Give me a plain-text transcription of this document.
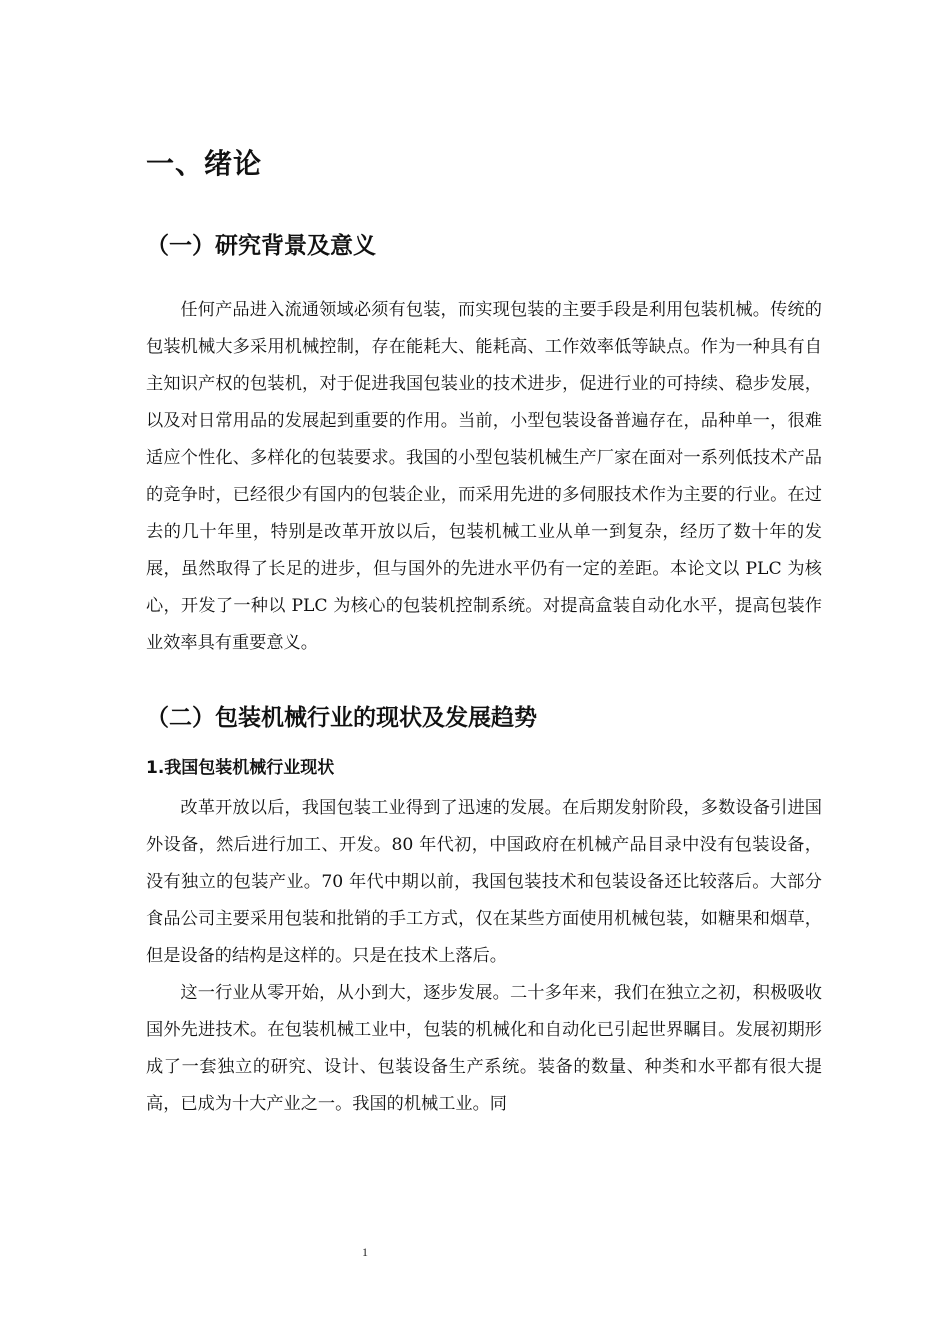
一、绪论
（一）研究背景及意义

任何产品进入流通领域必须有包装，而实现包装的主要手段是利用包装机械。传统的包装机械大多采用机械控制，存在能耗大、能耗高、工作效率低等缺点。作为一种具有自主知识产权的包装机，对于促进我国包装业的技术进步，促进行业的可持续、稳步发展，以及对日常用品的发展起到重要的作用。当前，小型包装设备普遍存在，品种单一，很难适应个性化、多样化的包装要求。我国的小型包装机械生产厂家在面对一系列低技术产品的竞争时，已经很少有国内的包装企业，而采用先进的多伺服技术作为主要的行业。在过去的几十年里，特别是改革开放以后，包装机械工业从单一到复杂，经历了数十年的发展，虽然取得了长足的进步，但与国外的先进水平仍有一定的差距。本论文以 PLC 为核心，开发了一种以 PLC 为核心的包装机控制系统。对提高盒装自动化水平，提高包装作业效率具有重要意义。

（二）包装机械行业的现状及发展趋势
1.我国包装机械行业现状

改革开放以后，我国包装工业得到了迅速的发展。在后期发射阶段，多数设备引进国外设备，然后进行加工、开发。80 年代初，中国政府在机械产品目录中没有包装设备，没有独立的包装产业。70 年代中期以前，我国包装技术和包装设备还比较落后。大部分食品公司主要采用包装和批销的手工方式，仅在某些方面使用机械包装，如糖果和烟草，但是设备的结构是这样的。只是在技术上落后。

这一行业从零开始，从小到大，逐步发展。二十多年来，我们在独立之初，积极吸收国外先进技术。在包装机械工业中，包装的机械化和自动化已引起世界瞩目。发展初期形成了一套独立的研究、设计、包装设备生产系统。装备的数量、种类和水平都有很大提高，已成为十大产业之一。我国的机械工业。同

1
